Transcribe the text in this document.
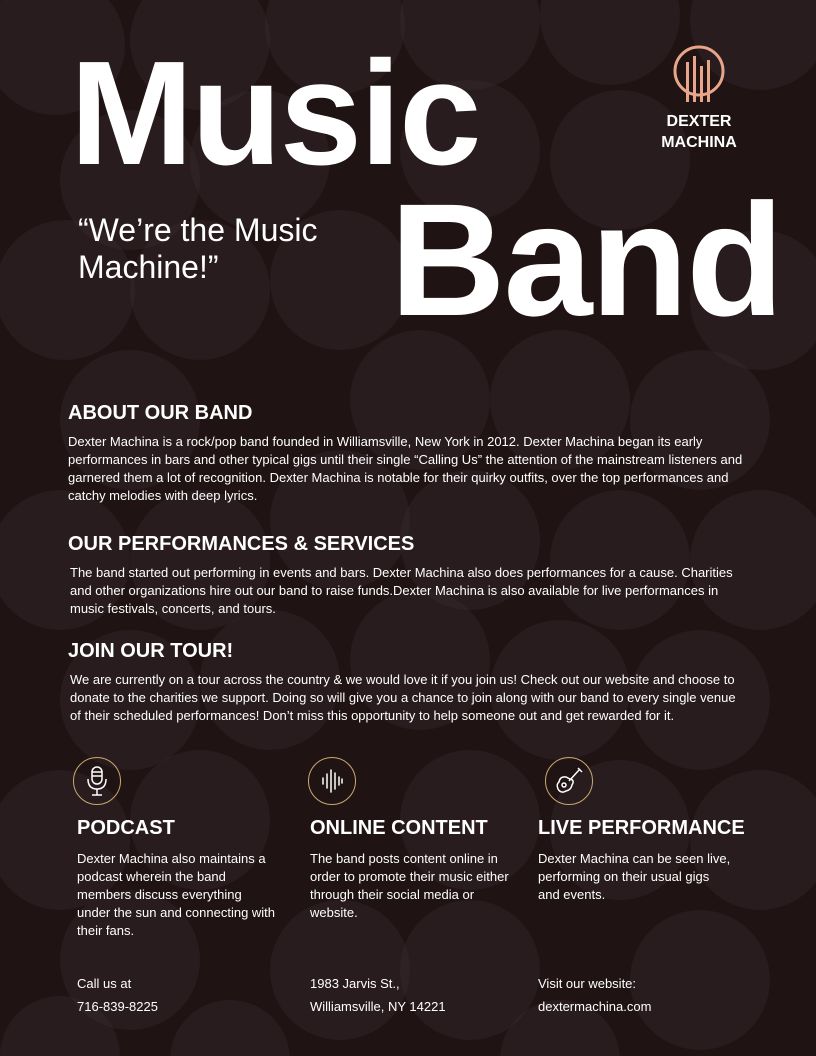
Music
Band
“We’re the Music Machine!”
DEXTER
MACHINA
ABOUT OUR BAND
Dexter Machina is a rock/pop band founded in Williamsville, New York in 2012. Dexter Machina began its early performances in bars and other typical gigs until their single “Calling Us” the attention of the mainstream listeners and garnered them a lot of recognition. Dexter Machina is notable for their quirky outfits, over the top performances and catchy melodies with deep lyrics.
OUR PERFORMANCES & SERVICES
The band started out performing in events and bars. Dexter Machina also does performances for a cause. Charities and other organizations hire out our band to raise funds.Dexter Machina is also available for live performances in music festivals, concerts, and tours.
JOIN OUR TOUR!
We are currently on a tour across the country & we would love it if you join us! Check out our website and choose to donate to the charities we support. Doing so will give you a chance to join along with our band to every single venue of their scheduled performances! Don’t miss this opportunity to help someone out and get rewarded for it.
PODCAST	ONLINE CONTENT	LIVE PERFORMANCE
Dexter Machina also maintains a podcast wherein the band members discuss everything under the sun and connecting with their fans.
The band posts content online in order to promote their music either through their social media or website.
Dexter Machina can be seen live, performing on their usual gigs and events.
Call us at
716-839-8225
1983 Jarvis St.,
Williamsville, NY 14221
Visit our website:
dextermachina.com
